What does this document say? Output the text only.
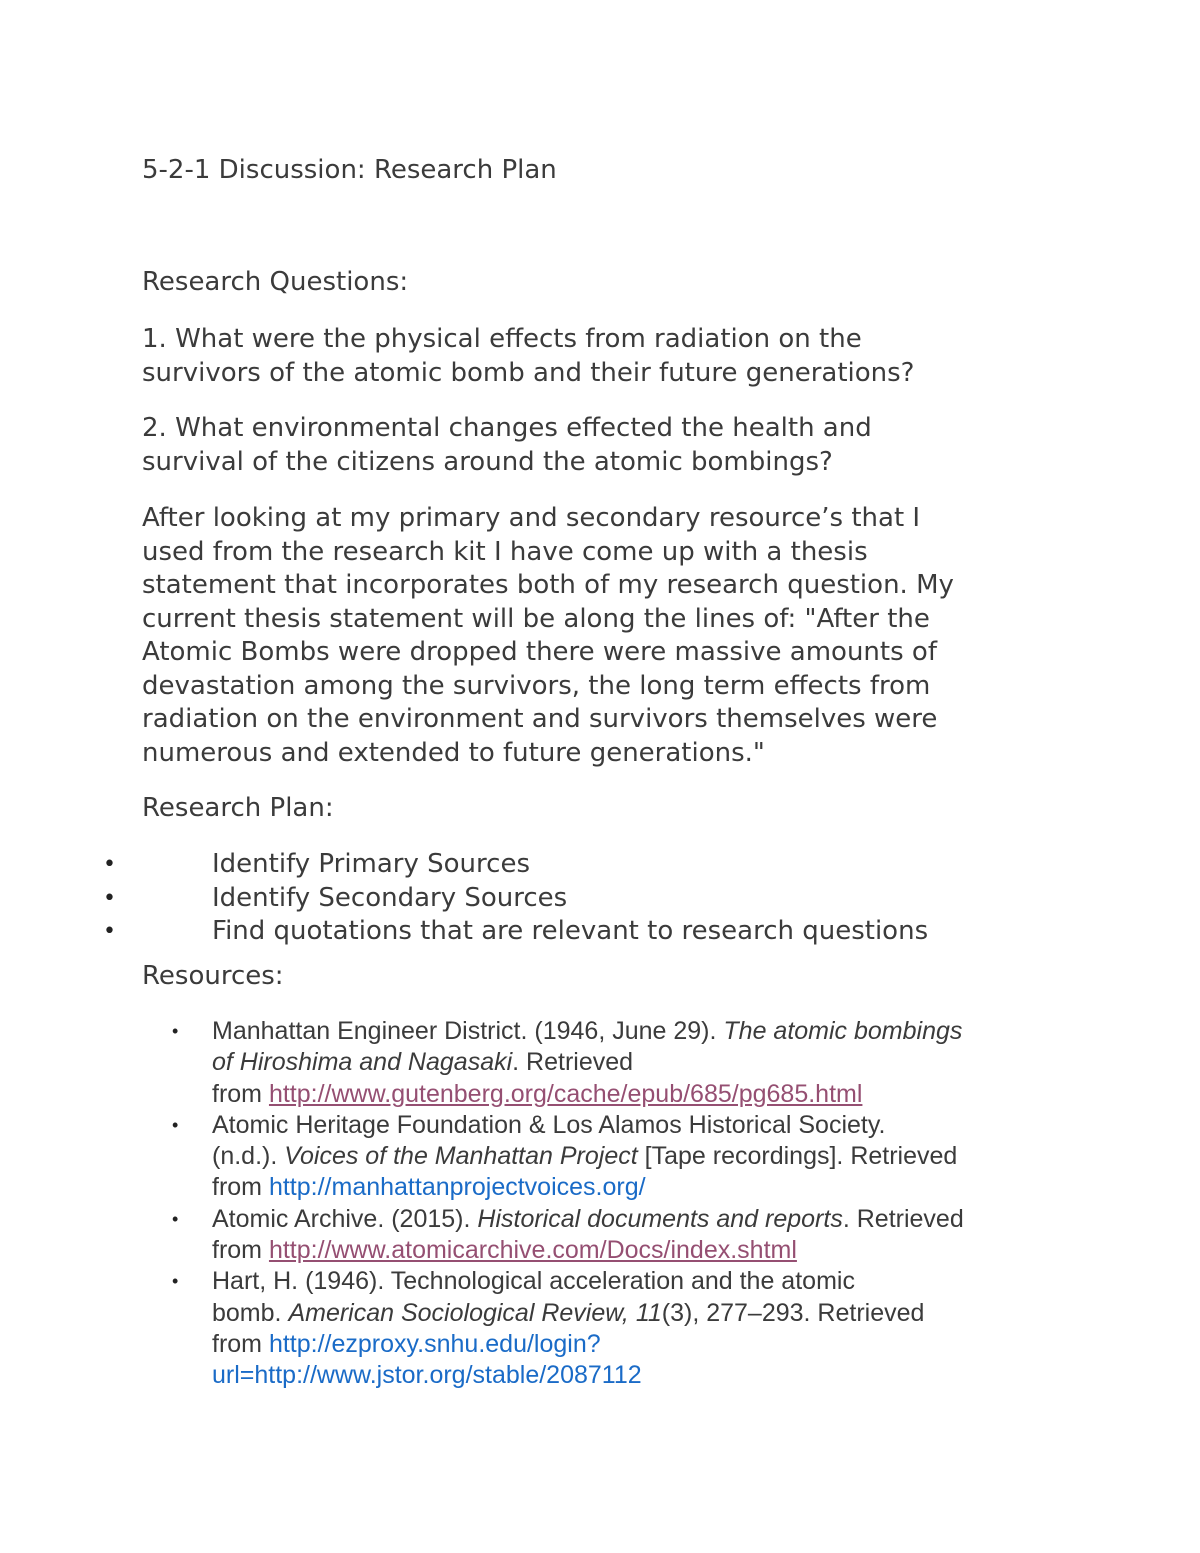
5-2-1 Discussion: Research Plan
Research Questions:

1. What were the physical effects from radiation on the
survivors of the atomic bomb and their future generations?

2. What environmental changes effected the health and
survival of the citizens around the atomic bombings?

After looking at my primary and secondary resource’s that I
used from the research kit I have come up with a thesis
statement that incorporates both of my research question. My
current thesis statement will be along the lines of: "After the
Atomic Bombs were dropped there were massive amounts of
devastation among the survivors, the long term effects from
radiation on the environment and survivors themselves were
numerous and extended to future generations."

Research Plan:
•	Identify Primary Sources
•	Identify Secondary Sources
•	Find quotations that are relevant to research questions
Resources:
• Manhattan Engineer District. (1946, June 29). The atomic bombings
of Hiroshima and Nagasaki. Retrieved
from http://www.gutenberg.org/cache/epub/685/pg685.html
• Atomic Heritage Foundation & Los Alamos Historical Society.
(n.d.). Voices of the Manhattan Project [Tape recordings]. Retrieved
from http://manhattanprojectvoices.org/
• Atomic Archive. (2015). Historical documents and reports. Retrieved
from http://www.atomicarchive.com/Docs/index.shtml
• Hart, H. (1946). Technological acceleration and the atomic
bomb. American Sociological Review, 11(3), 277–293. Retrieved
from http://ezproxy.snhu.edu/login?
url=http://www.jstor.org/stable/2087112
